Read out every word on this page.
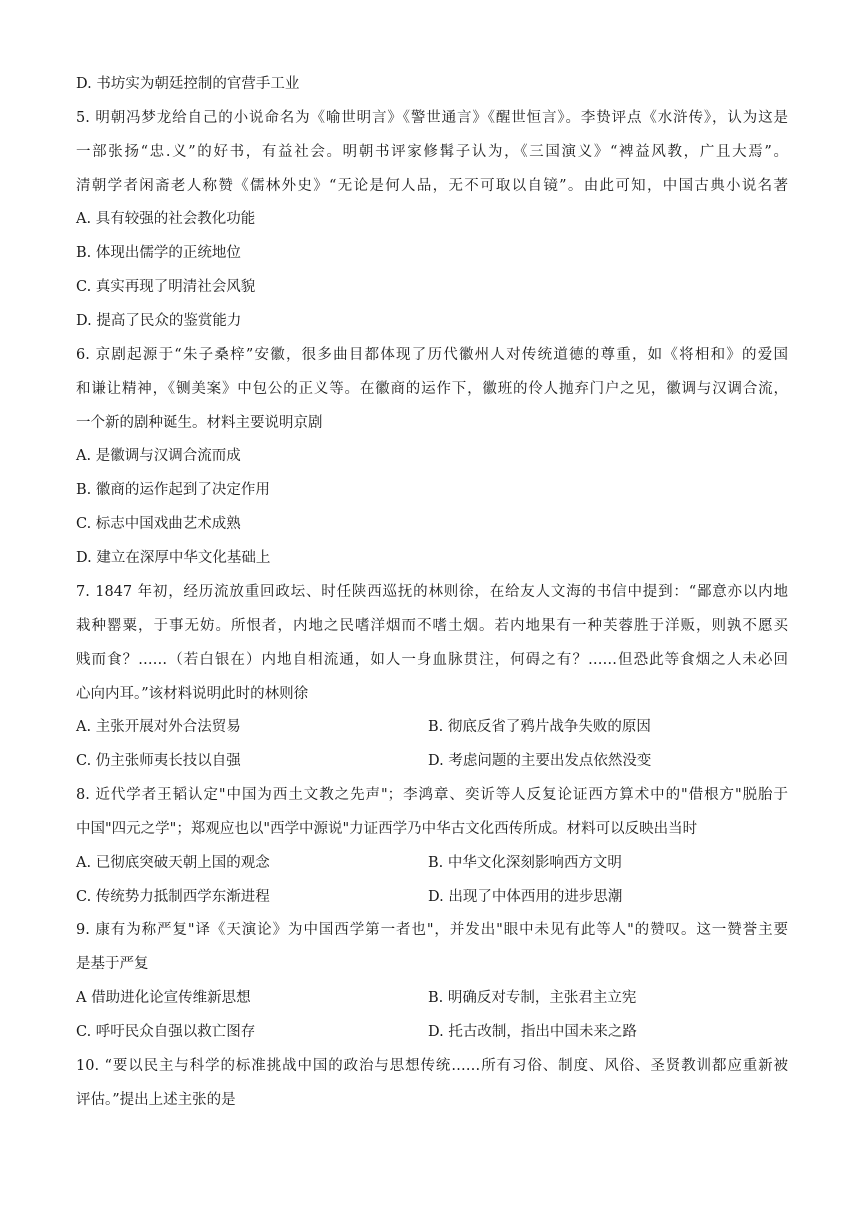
D. 书坊实为朝廷控制的官营手工业
5. 明朝冯梦龙给自己的小说命名为《喻世明言》《警世通言》《醒世恒言》。李贽评点《水浒传》，认为这是
一部张扬“忠.义”的好书，有益社会。明朝书评家修髯子认为，《三国演义》“裨益风教，广且大焉”。
清朝学者闲斋老人称赞《儒林外史》“无论是何人品，无不可取以自镜”。由此可知，中国古典小说名著
A. 具有较强的社会教化功能
B. 体现出儒学的正统地位
C. 真实再现了明清社会风貌
D. 提高了民众的鉴赏能力
6. 京剧起源于“朱子桑梓”安徽，很多曲目都体现了历代徽州人对传统道德的尊重，如《将相和》的爱国
和谦让精神，《铡美案》中包公的正义等。在徽商的运作下，徽班的伶人抛弃门户之见，徽调与汉调合流，
一个新的剧种诞生。材料主要说明京剧
A. 是徽调与汉调合流而成
B. 徽商的运作起到了决定作用
C. 标志中国戏曲艺术成熟
D. 建立在深厚中华文化基础上
7. 1847 年初，经历流放重回政坛、时任陕西巡抚的林则徐，在给友人文海的书信中提到：“鄙意亦以内地
栽种罂粟，于事无妨。所恨者，内地之民嗜洋烟而不嗜土烟。若内地果有一种芙蓉胜于洋贩，则孰不愿买
贱而食？……（若白银在）内地自相流通，如人一身血脉贯注，何碍之有？……但恐此等食烟之人未必回
心向内耳。”该材料说明此时的林则徐
A. 主张开展对外合法贸易	B. 彻底反省了鸦片战争失败的原因
C. 仍主张师夷长技以自强	D. 考虑问题的主要出发点依然没变
8. 近代学者王韬认定"中国为西土文教之先声"；李鸿章、奕䜣等人反复论证西方算术中的"借根方"脱胎于
中国"四元之学"；郑观应也以"西学中源说"力证西学乃中华古文化西传所成。材料可以反映出当时
A. 已彻底突破天朝上国的观念	B. 中华文化深刻影响西方文明
C. 传统势力抵制西学东渐进程	D. 出现了中体西用的进步思潮
9. 康有为称严复"译《天演论》为中国西学第一者也"，并发出"眼中未见有此等人"的赞叹。这一赞誉主要
是基于严复
A 借助进化论宣传维新思想	B. 明确反对专制，主张君主立宪
C. 呼吁民众自强以救亡图存	D. 托古改制，指出中国未来之路
10. “要以民主与科学的标准挑战中国的政治与思想传统……所有习俗、制度、风俗、圣贤教训都应重新被
评估。”提出上述主张的是
